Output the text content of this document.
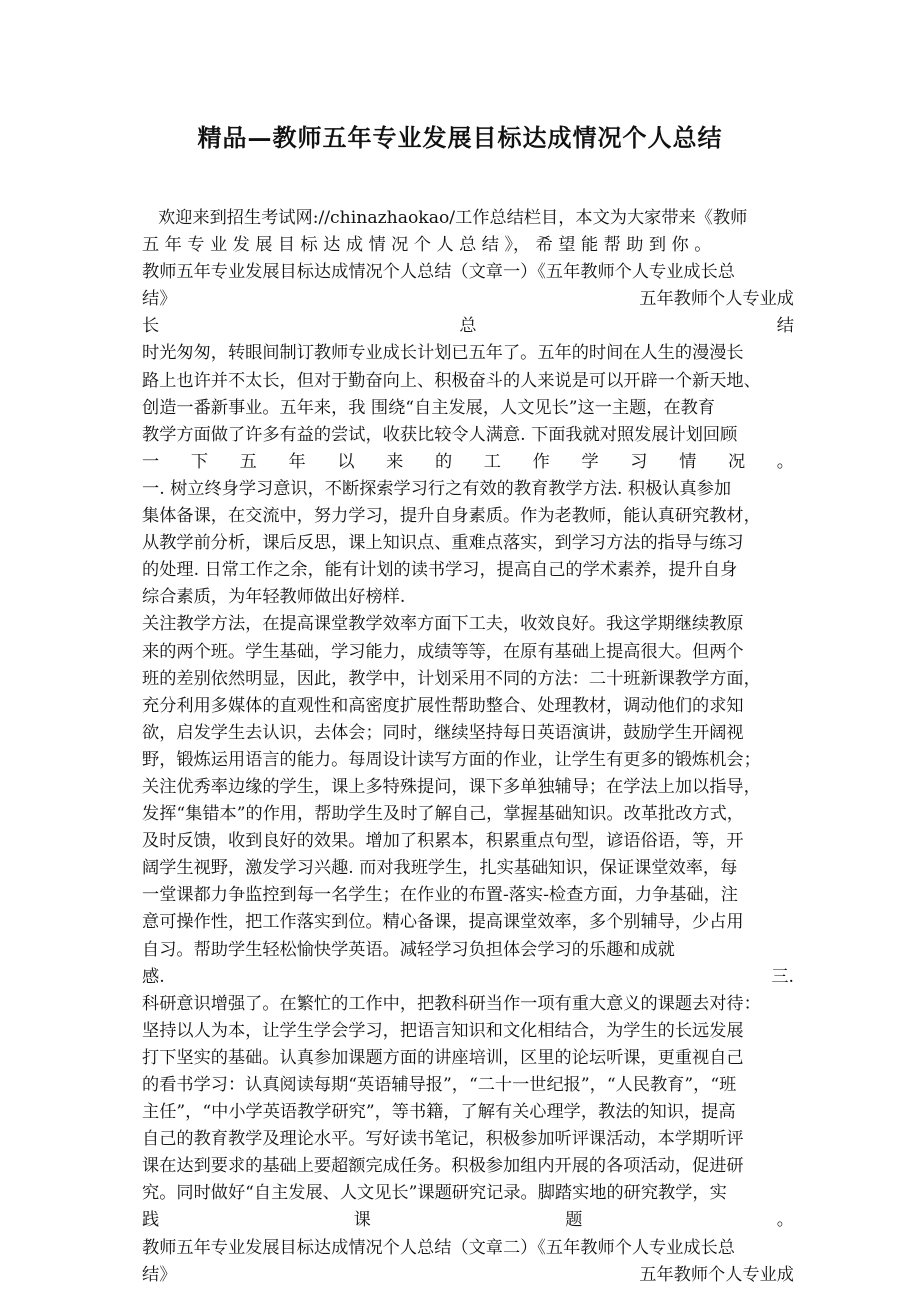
精品—教师五年专业发展目标达成情况个人总结
欢迎来到招生考试网://chinazhaokao/工作总结栏目，本文为大家带来《教师
五 年 专 业 发 展 目 标 达 成 情 况 个 人 总 结 》， 希 望 能 帮 助 到 你 。
教师五年专业发展目标达成情况个人总结（文章一）《五年教师个人专业成长总
结》	五年教师个人专业成
长	总	结
时光匆匆，转眼间制订教师专业成长计划已五年了。五年的时间在人生的漫漫长
路上也许并不太长，但对于勤奋向上、积极奋斗的人来说是可以开辟一个新天地、
创造一番新事业。五年来，我 围绕“自主发展，人文见长”这一主题，在教育
教学方面做了许多有益的尝试，收获比较令人满意. 下面我就对照发展计划回顾
一 下 五 年 以 来 的 工 作 学 习 情 况 。
一. 树立终身学习意识，不断探索学习行之有效的教育教学方法. 积极认真参加
集体备课，在交流中，努力学习，提升自身素质。作为老教师，能认真研究教材，
从教学前分析，课后反思，课上知识点、重难点落实，到学习方法的指导与练习
的处理. 日常工作之余，能有计划的读书学习，提高自己的学术素养，提升自身
综合素质，为年轻教师做出好榜样.
关注教学方法，在提高课堂教学效率方面下工夫，收效良好。我这学期继续教原
来的两个班。学生基础，学习能力，成绩等等，在原有基础上提高很大。但两个
班的差别依然明显，因此，教学中，计划采用不同的方法：二十班新课教学方面，
充分利用多媒体的直观性和高密度扩展性帮助整合、处理教材，调动他们的求知
欲，启发学生去认识，去体会；同时，继续坚持每日英语演讲，鼓励学生开阔视
野，锻炼运用语言的能力。每周设计读写方面的作业，让学生有更多的锻炼机会；
关注优秀率边缘的学生，课上多特殊提问，课下多单独辅导；在学法上加以指导，
发挥“集错本”的作用，帮助学生及时了解自己，掌握基础知识。改革批改方式，
及时反馈，收到良好的效果。增加了积累本，积累重点句型，谚语俗语，等，开
阔学生视野，激发学习兴趣. 而对我班学生，扎实基础知识，保证课堂效率，每
一堂课都力争监控到每一名学生；在作业的布置-落实-检查方面，力争基础，注
意可操作性，把工作落实到位。精心备课，提高课堂效率，多个别辅导，少占用
自习。帮助学生轻松愉快学英语。减轻学习负担体会学习的乐趣和成就
感.	三.
科研意识增强了。在繁忙的工作中，把教科研当作一项有重大意义的课题去对待：
坚持以人为本，让学生学会学习，把语言知识和文化相结合，为学生的长远发展
打下坚实的基础。认真参加课题方面的讲座培训，区里的论坛听课，更重视自己
的看书学习：认真阅读每期“英语辅导报”，“二十一世纪报”，“人民教育”，“班
主任”，“中小学英语教学研究”，等书籍，了解有关心理学，教法的知识，提高
自己的教育教学及理论水平。写好读书笔记，积极参加听评课活动，本学期听评
课在达到要求的基础上要超额完成任务。积极参加组内开展的各项活动，促进研
究。同时做好“自主发展、人文见长”课题研究记录。脚踏实地的研究教学，实
践	课	题	。
教师五年专业发展目标达成情况个人总结（文章二）《五年教师个人专业成长总
结》	五年教师个人专业成
